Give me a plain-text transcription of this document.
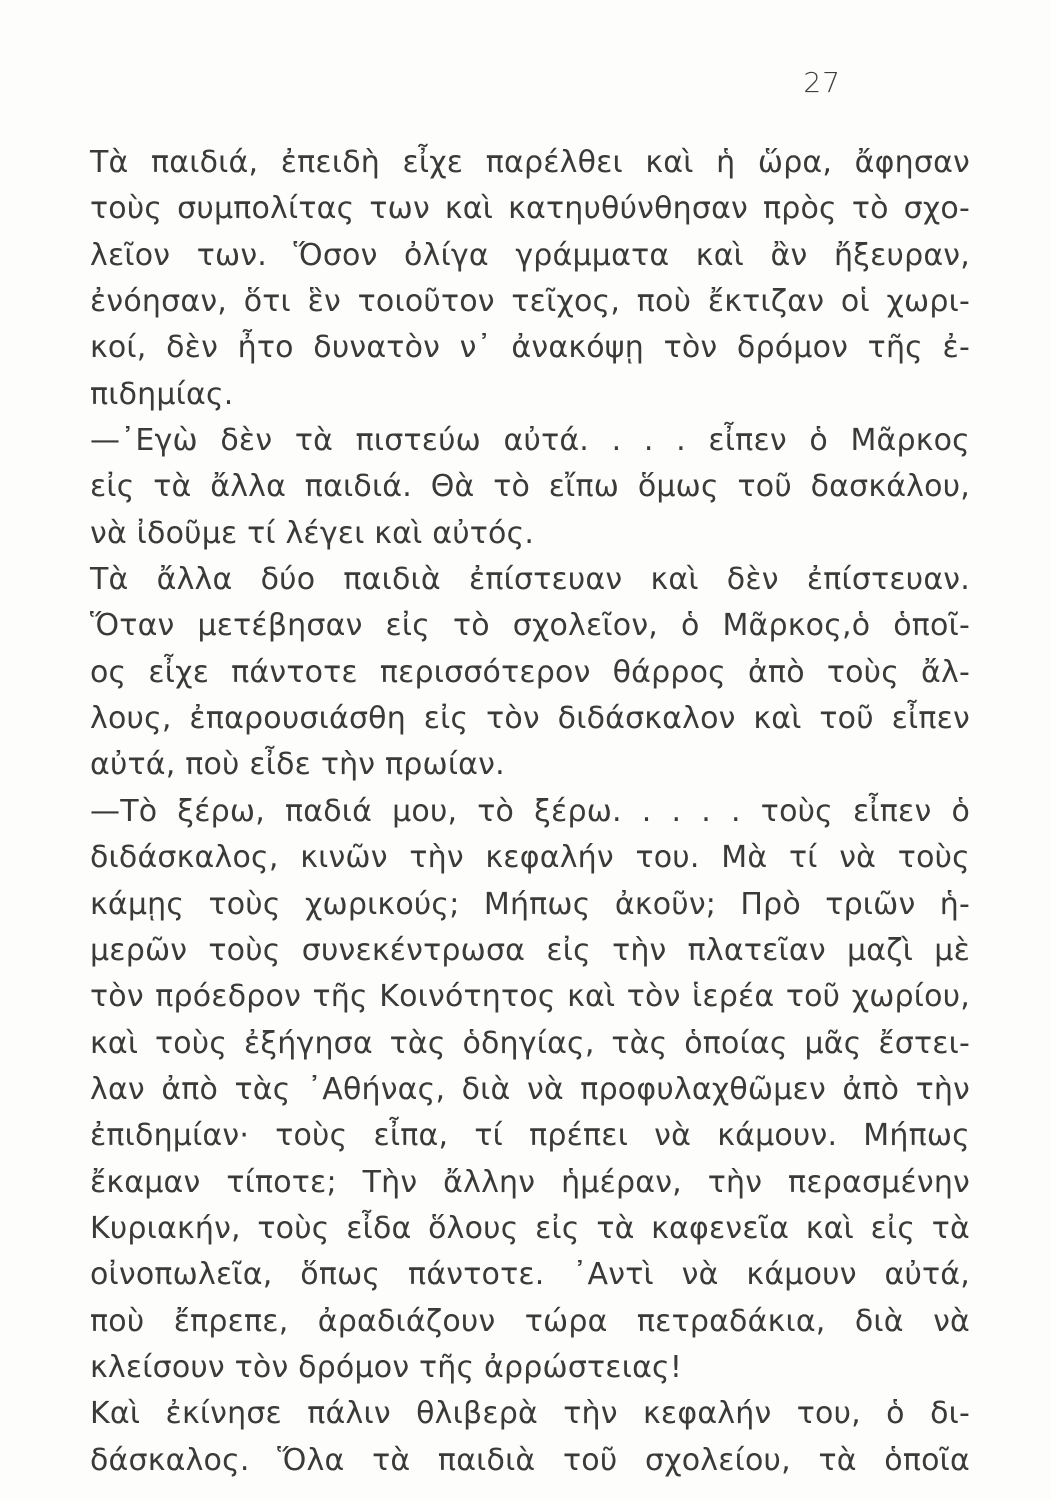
27
Τὰ παιδιά, ἐπειδὴ εἶχε παρέλθει καὶ ἡ ὥρα, ἄφησαν
τοὺς συμπολίτας των καὶ κατηυθύνθησαν πρὸς τὸ σχο-
λεῖον των. Ὅσον ὀλίγα γράμματα καὶ ἂν ἤξευραν,
ἐνόησαν, ὅτι ἓν τοιοῦτον τεῖχος, ποὺ ἔκτιζαν οἱ χωρι-
κοί, δὲν ἦτο δυνατὸν ν᾿ ἀνακόψῃ τὸν δρόμον τῆς ἐ-
πιδημίας.
—᾿Εγὼ δὲν τὰ πιστεύω αὐτά. . . . εἶπεν ὁ Μᾶρκος
εἰς τὰ ἄλλα παιδιά. Θὰ τὸ εἴπω ὅμως τοῦ δασκάλου,
νὰ ἰδοῦμε τί λέγει καὶ αὐτός.
Τὰ ἄλλα δύο παιδιὰ ἐπίστευαν καὶ δὲν ἐπίστευαν.
Ὅταν μετέβησαν εἰς τὸ σχολεῖον, ὁ Μᾶρκος,ὁ ὁποῖ-
ος εἶχε πάντοτε περισσότερον θάρρος ἀπὸ τοὺς ἄλ-
λους, ἐπαρουσιάσθη εἰς τὸν διδάσκαλον καὶ τοῦ εἶπεν
αὐτά, ποὺ εἶδε τὴν πρωίαν.
—Τὸ ξέρω, παδιά μου, τὸ ξέρω. . . . . τοὺς εἶπεν ὁ
διδάσκαλος, κινῶν τὴν κεφαλήν του. Μὰ τί νὰ τοὺς
κάμῃς τοὺς χωρικούς; Μήπως ἀκοῦν; Πρὸ τριῶν ἡ-
μερῶν τοὺς συνεκέντρωσα εἰς τὴν πλατεῖαν μαζὶ μὲ
τὸν πρόεδρον τῆς Κοινότητος καὶ τὸν ἱερέα τοῦ χωρίου,
καὶ τοὺς ἐξήγησα τὰς ὁδηγίας, τὰς ὁποίας μᾶς ἔστει-
λαν ἀπὸ τὰς ᾿Αθήνας, διὰ νὰ προφυλαχθῶμεν ἀπὸ τὴν
ἐπιδημίαν· τοὺς εἶπα, τί πρέπει νὰ κάμουν. Μήπως
ἔκαμαν τίποτε; Τὴν ἄλλην ἡμέραν, τὴν περασμένην
Κυριακήν, τοὺς εἶδα ὅλους εἰς τὰ καφενεῖα καὶ εἰς τὰ
οἰνοπωλεῖα, ὅπως πάντοτε. ᾿Αντὶ νὰ κάμουν αὐτά,
ποὺ ἔπρεπε, ἀραδιάζουν τώρα πετραδάκια, διὰ νὰ
κλείσουν τὸν δρόμον τῆς ἀρρώστειας!
Καὶ ἐκίνησε πάλιν θλιβερὰ τὴν κεφαλήν του, ὁ δι-
δάσκαλος. Ὅλα τὰ παιδιὰ τοῦ σχολείου, τὰ ὁποῖα
